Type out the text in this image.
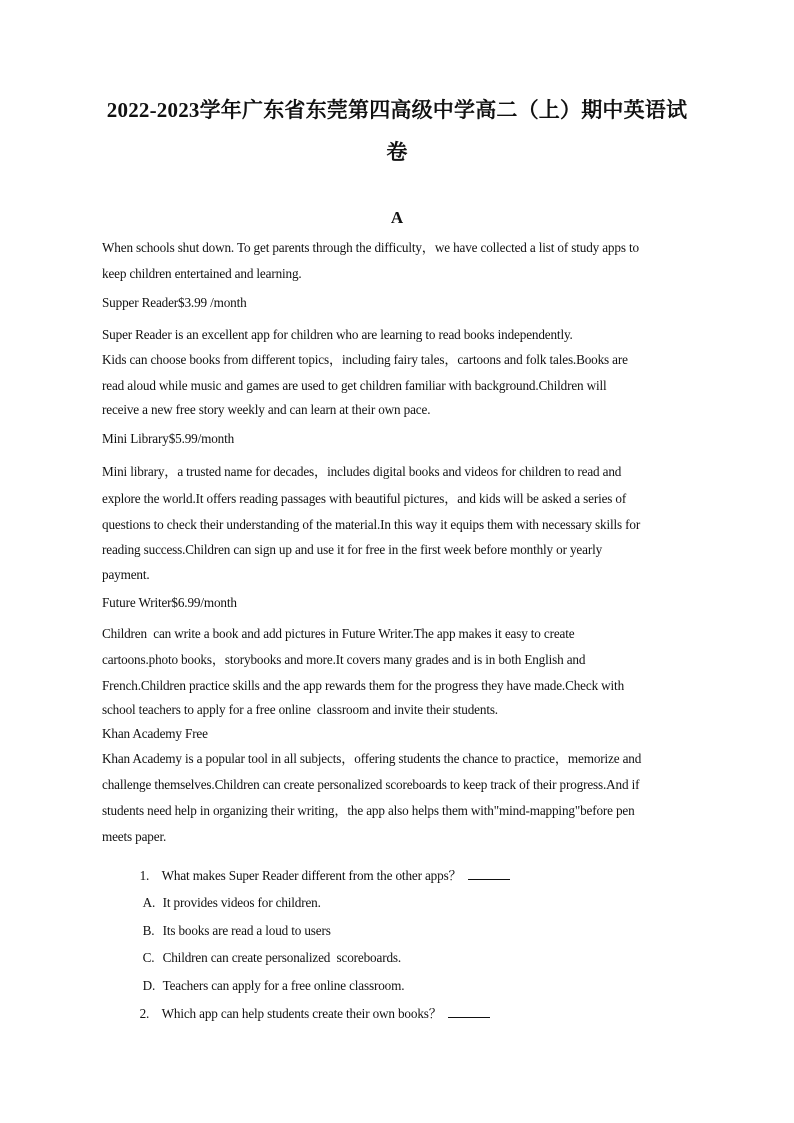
2022-2023学年广东省东莞第四高级中学高二（上）期中英语试
卷
A
When schools shut down. To get parents through the difficulty，we have collected a list of study apps to
keep children entertained and learning.
Supper Reader$3.99 /month
Super Reader is an excellent app for children who are learning to read books independently.
Kids can choose books from different topics，including fairy tales，cartoons and folk tales.Books are
read aloud while music and games are used to get children familiar with background.Children will
receive a new free story weekly and can learn at their own pace.
Mini Library$5.99/month
Mini library，a trusted name for decades，includes digital books and videos for children to read and
explore the world.It offers reading passages with beautiful pictures，and kids will be asked a series of
questions to check their understanding of the material.In this way it equips them with necessary skills for
reading success.Children can sign up and use it for free in the first week before monthly or yearly
payment.
Future Writer$6.99/month
Children  can write a book and add pictures in Future Writer.The app makes it easy to create
cartoons.photo books，storybooks and more.It covers many grades and is in both English and
French.Children practice skills and the app rewards them for the progress they have made.Check with
school teachers to apply for a free online  classroom and invite their students.
Khan Academy Free
Khan Academy is a popular tool in all subjects，offering students the chance to practice，memorize and
challenge themselves.Children can create personalized scoreboards to keep track of their progress.And if
students need help in organizing their writing，the app also helps them with"mind-mapping"before pen
meets paper.

1. What makes Super Reader different from the other apps？

A. It provides videos for children.

B. Its books are read a loud to users

C. Children can create personalized  scoreboards.

D. Teachers can apply for a free online classroom.

2. Which app can help students create their own books？
